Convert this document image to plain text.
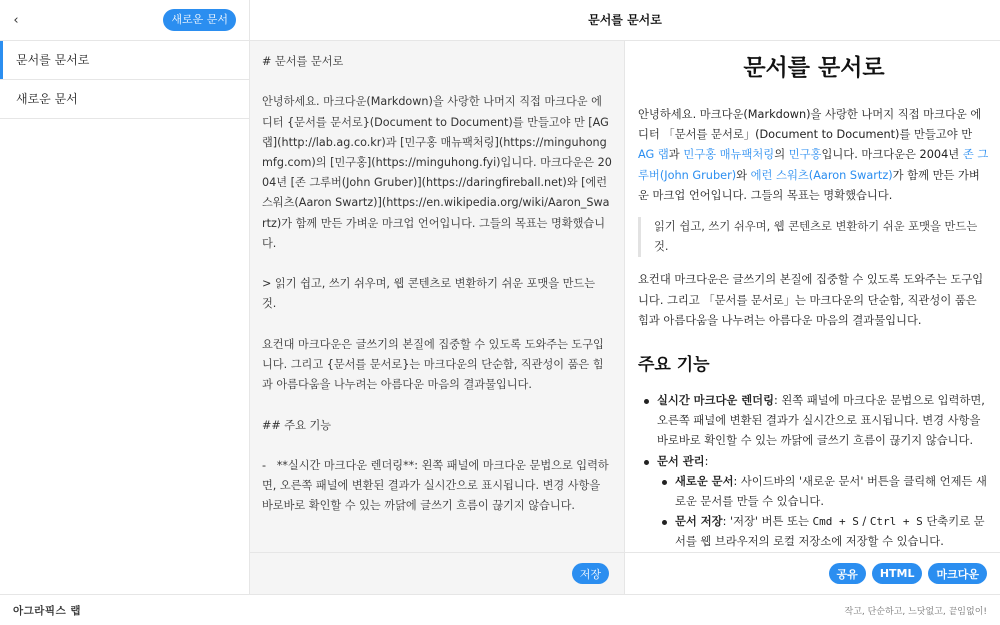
‹	새로운 문서
문서를 문서로
새로운 문서
문서를 문서로
# 문서를 문서로

안녕하세요. 마크다운(Markdown)을 사랑한 나머지 직접 마크다운 에디터 {문서를 문서로}(Document to Document)를 만들고야 만 [AG 랩](http://lab.ag.co.kr)과 [민구홍 매뉴팩처링](https://minguhongmfg.com)의 [민구홍](https://minguhong.fyi)입니다. 마크다운은 2004년 [존 그루버(John Gruber)](https://daringfireball.net)와 [에런 스워츠(Aaron Swartz)](https://en.wikipedia.org/wiki/Aaron_Swartz)가 함께 만든 가벼운 마크업 언어입니다. 그들의 목표는 명확했습니다.

> 읽기 쉽고, 쓰기 쉬우며, 웹 콘텐츠로 변환하기 쉬운 포맷을 만드는 것.

요컨대 마크다운은 글쓰기의 본질에 집중할 수 있도록 도와주는 도구입니다. 그리고 {문서를 문서로}는 마크다운의 단순함, 직관성이 품은 힘과 아름다움을 나누려는 아름다운 마음의 결과물입니다.

## 주요 기능

-   **실시간 마크다운 렌더링**: 왼쪽 패널에 마크다운 문법으로 입력하면, 오른쪽 패널에 변환된 결과가 실시간으로 표시됩니다. 변경 사항을 바로바로 확인할 수 있는 까닭에 글쓰기 흐름이 끊기지 않습니다.
저장
문서를 문서로

안녕하세요. 마크다운(Markdown)을 사랑한 나머지 직접 마크다운 에디터 「문서를 문서로」(Document to Document)를 만들고야 만 AG 랩과 민구홍 매뉴팩처링의 민구홍입니다. 마크다운은 2004년 존 그루버(John Gruber)와 에런 스워츠(Aaron Swartz)가 함께 만든 가벼운 마크업 언어입니다. 그들의 목표는 명확했습니다.

읽기 쉽고, 쓰기 쉬우며, 웹 콘텐츠로 변환하기 쉬운 포맷을 만드는 것.

요컨대 마크다운은 글쓰기의 본질에 집중할 수 있도록 도와주는 도구입니다. 그리고 「문서를 문서로」는 마크다운의 단순함, 직관성이 품은 힘과 아름다움을 나누려는 아름다운 마음의 결과물입니다.

주요 기능
실시간 마크다운 렌더링: 왼쪽 패널에 마크다운 문법으로 입력하면, 오른쪽 패널에 변환된 결과가 실시간으로 표시됩니다. 변경 사항을 바로바로 확인할 수 있는 까닭에 글쓰기 흐름이 끊기지 않습니다.
문서 관리:
새로운 문서: 사이드바의 '새로운 문서' 버튼을 클릭해 언제든 새로운 문서를 만들 수 있습니다.
문서 저장: '저장' 버튼 또는 Cmd + S / Ctrl + S 단축키로 문서를 웹 브라우저의 로컬 저장소에 저장할 수 있습니다.
공유	HTML	마크다운
아그라픽스 랩	작고, 단순하고, 느닷없고, 끝임없이!
